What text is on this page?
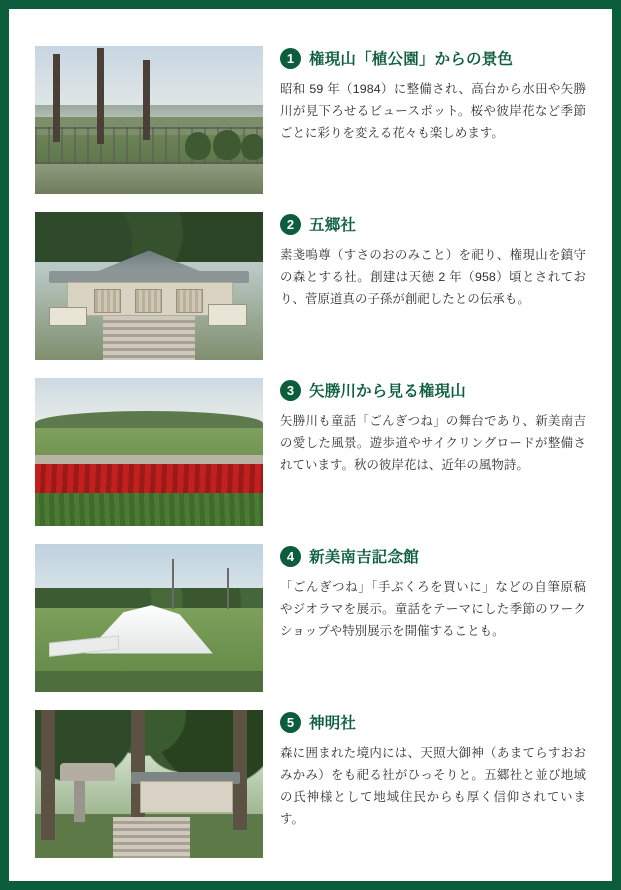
1 権現山「植公園」からの景色
昭和 59 年（1984）に整備され、高台から水田や矢勝川が見下ろせるビュースポット。桜や彼岸花など季節ごとに彩りを変える花々も楽しめます。
2 五郷社
素戔嗚尊（すさのおのみこと）を祀り、権現山を鎮守の森とする社。創建は天徳 2 年（958）頃とされており、菅原道真の子孫が創祀したとの伝承も。
3 矢勝川から見る権現山
矢勝川も童話「ごんぎつね」の舞台であり、新美南吉の愛した風景。遊歩道やサイクリングロードが整備されています。秋の彼岸花は、近年の風物詩。
4 新美南吉記念館
「ごんぎつね」「手ぶくろを買いに」などの自筆原稿やジオラマを展示。童話をテーマにした季節のワークショップや特別展示を開催することも。
5 神明社
森に囲まれた境内には、天照大御神（あまてらすおおみかみ）をも祀る社がひっそりと。五郷社と並び地域の氏神様として地域住民からも厚く信仰されています。
